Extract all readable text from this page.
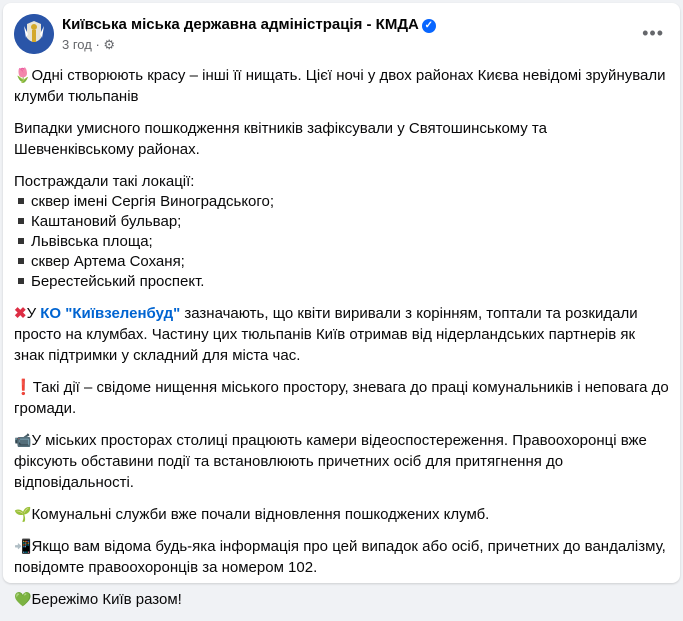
Київська міська державна адміністрація - КМДА ✓
3 год · ⚙
•••

🌷Одні створюють красу – інші її нищать. Цієї ночі у двох районах Києва невідомі зруйнували клумби тюльпанів

Випадки умисного пошкодження квітників зафіксували у Святошинському та Шевченківському районах.

Постраждали такі локації:

сквер імені Сергія Виноградського;
Каштановий бульвар;
Львівська площа;
сквер Артема Соханя;
Берестейський проспект.

✖У КО "Київзеленбуд" зазначають, що квіти виривали з корінням, топтали та розкидали просто на клумбах. Частину цих тюльпанів Київ отримав від нідерландських партнерів як знак підтримки у складний для міста час.

❗Такі дії – свідоме нищення міського простору, зневага до праці комунальників і неповага до громади.

📹У міських просторах столиці працюють камери відеоспостереження. Правоохоронці вже фіксують обставини події та встановлюють причетних осіб для притягнення до відповідальності.

🌱Комунальні служби вже почали відновлення пошкоджених клумб.

📲Якщо вам відома будь-яка інформація про цей випадок або осіб, причетних до вандалізму, повідомте правоохоронців за номером 102.

💚Бережімо Київ разом!
